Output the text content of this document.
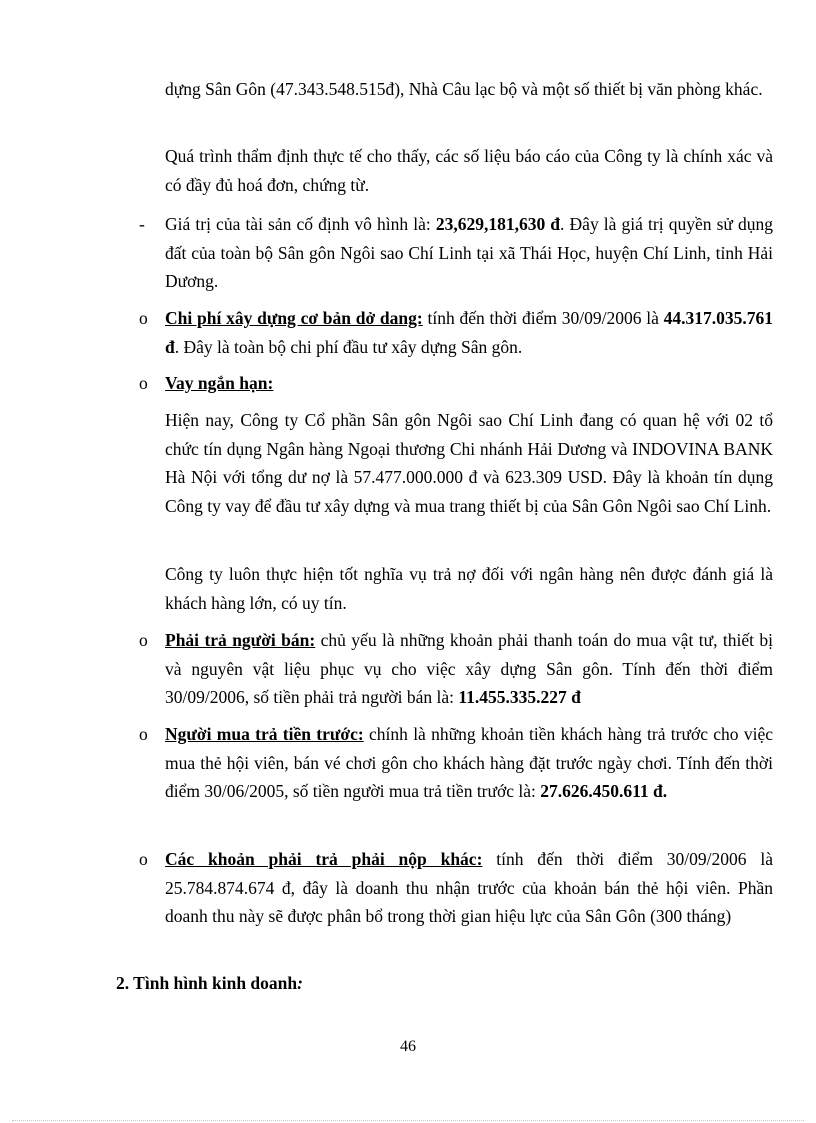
dựng Sân Gôn (47.343.548.515đ), Nhà Câu lạc bộ và một số thiết bị văn phòng khác.
Quá trình thẩm định thực tế cho thấy, các số liệu báo cáo của Công ty là chính xác và có đầy đủ hoá đơn, chứng từ.
-	Giá trị của tài sản cố định vô hình là: 23,629,181,630 đ. Đây là giá trị quyền sử dụng đất của toàn bộ Sân gôn Ngôi sao Chí Linh tại xã Thái Học, huyện Chí Linh, tỉnh Hải Dương.
o Chi phí xây dựng cơ bản dở dang: tính đến thời điểm 30/09/2006 là 44.317.035.761 đ. Đây là toàn bộ chi phí đầu tư xây dựng Sân gôn.
o Vay ngắn hạn:
Hiện nay, Công ty Cổ phần Sân gôn Ngôi sao Chí Linh đang có quan hệ với 02 tổ chức tín dụng Ngân hàng Ngoại thương Chi nhánh Hải Dương và INDOVINA BANK Hà Nội với tổng dư nợ là 57.477.000.000 đ và 623.309 USD. Đây là khoản tín dụng Công ty vay để đầu tư xây dựng và mua trang thiết bị của Sân Gôn Ngôi sao Chí Linh.
Công ty luôn thực hiện tốt nghĩa vụ trả nợ đối với ngân hàng nên được đánh giá là khách hàng lớn, có uy tín.
o Phải trả người bán: chủ yếu là những khoản phải thanh toán do mua vật tư, thiết bị và nguyên vật liệu phục vụ cho việc xây dựng Sân gôn. Tính đến thời điểm 30/09/2006, số tiền phải trả người bán là: 11.455.335.227 đ
o Người mua trả tiền trước: chính là những khoản tiền khách hàng trả trước cho việc mua thẻ hội viên, bán vé chơi gôn cho khách hàng đặt trước ngày chơi. Tính đến thời điểm 30/06/2005, số tiền người mua trả tiền trước là: 27.626.450.611 đ.
o Các khoản phải trả phải nộp khác: tính đến thời điểm 30/09/2006 là 25.784.874.674 đ, đây là doanh thu nhận trước của khoản bán thẻ hội viên. Phần doanh thu này sẽ được phân bổ trong thời gian hiệu lực của Sân Gôn (300 tháng)
2. Tình hình kinh doanh:
46
